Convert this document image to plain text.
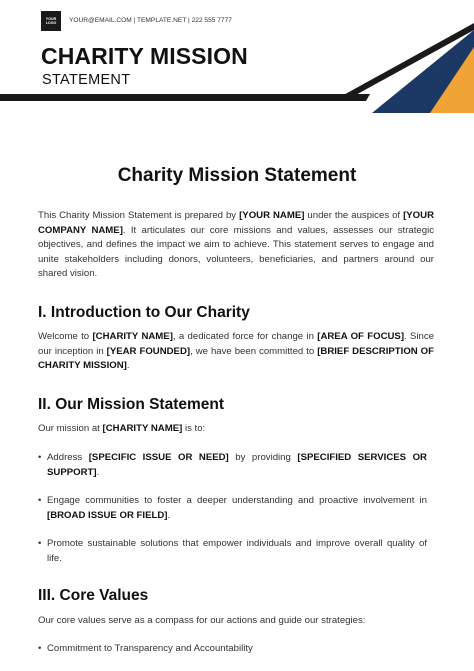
YOUR
LOGO	YOUR@EMAIL.COM | TEMPLATE.NET | 222 555 7777
CHARITY MISSION
STATEMENT
Charity Mission Statement
This Charity Mission Statement is prepared by [YOUR NAME] under the auspices of [YOUR COMPANY NAME]. It articulates our core missions and values, assesses our strategic objectives, and defines the impact we aim to achieve. This statement serves to engage and unite stakeholders including donors, volunteers, beneficiaries, and partners around our shared vision.
I. Introduction to Our Charity
Welcome to [CHARITY NAME], a dedicated force for change in [AREA OF FOCUS]. Since our inception in [YEAR FOUNDED], we have been committed to [BRIEF DESCRIPTION OF CHARITY MISSION].
II. Our Mission Statement
Our mission at [CHARITY NAME] is to:
• Address [SPECIFIC ISSUE OR NEED] by providing [SPECIFIED SERVICES OR SUPPORT].
• Engage communities to foster a deeper understanding and proactive involvement in [BROAD ISSUE OR FIELD].
• Promote sustainable solutions that empower individuals and improve overall quality of life.
III. Core Values
Our core values serve as a compass for our actions and guide our strategies:
• Commitment to Transparency and Accountability
